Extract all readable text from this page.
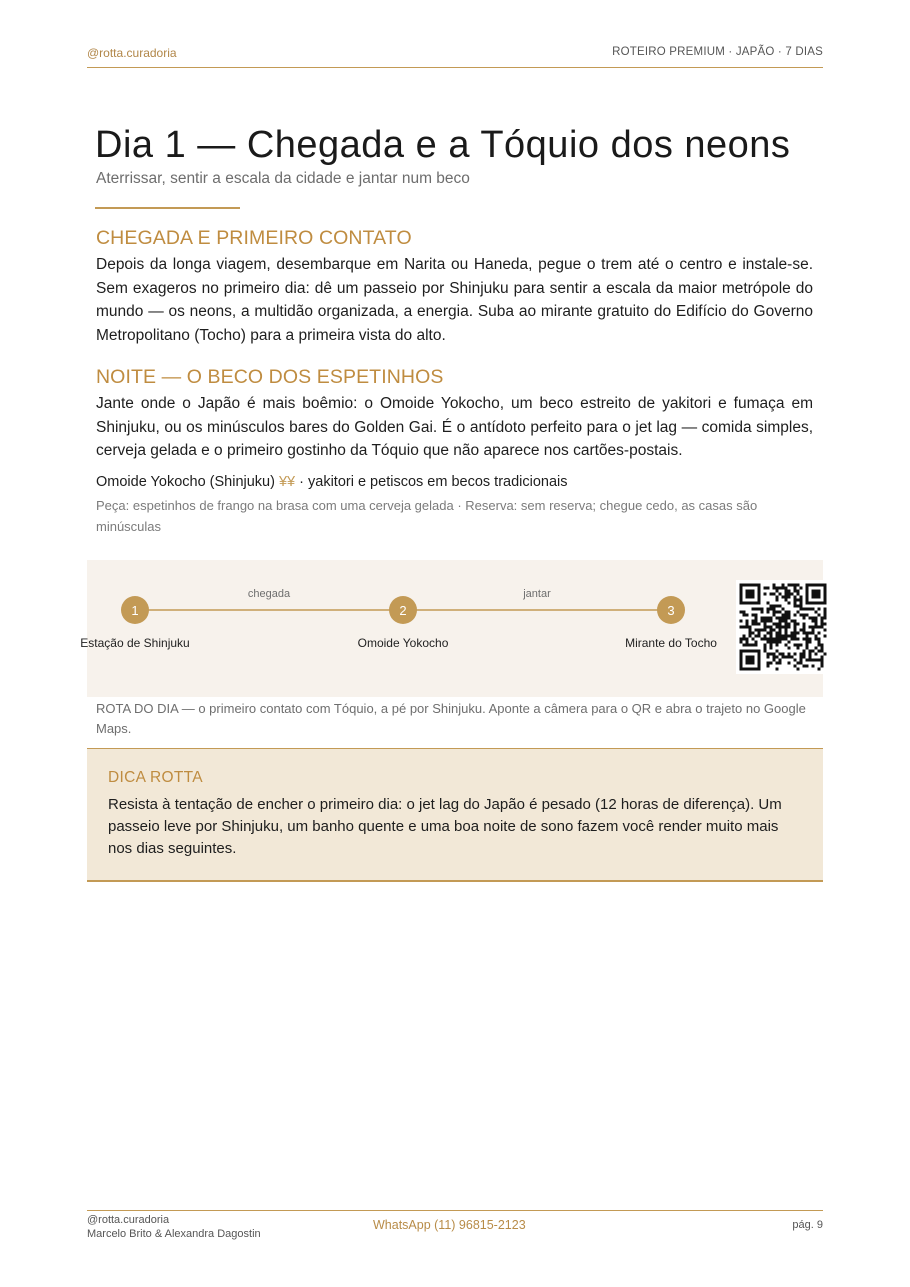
@rotta.curadoria	ROTEIRO PREMIUM · JAPÃO · 7 DIAS
Dia 1 — Chegada e a Tóquio dos neons
Aterrissar, sentir a escala da cidade e jantar num beco
CHEGADA E PRIMEIRO CONTATO

Depois da longa viagem, desembarque em Narita ou Haneda, pegue o trem até o centro e instale-se. Sem exageros no primeiro dia: dê um passeio por Shinjuku para sentir a escala da maior metrópole do mundo — os neons, a multidão organizada, a energia. Suba ao mirante gratuito do Edifício do Governo Metropolitano (Tocho) para a primeira vista do alto.

NOITE — O BECO DOS ESPETINHOS

Jante onde o Japão é mais boêmio: o Omoide Yokocho, um beco estreito de yakitori e fumaça em Shinjuku, ou os minúsculos bares do Golden Gai. É o antídoto perfeito para o jet lag — comida simples, cerveja gelada e o primeiro gostinho da Tóquio que não aparece nos cartões-postais.

Omoide Yokocho (Shinjuku) ¥¥ · yakitori e petiscos em becos tradicionais
Peça: espetinhos de frango na brasa com uma cerveja gelada · Reserva: sem reserva; chegue cedo, as casas são minúsculas
1	2	3
chegada	jantar
Estação de Shinjuku	Omoide Yokocho	Mirante do Tocho
ROTA DO DIA — o primeiro contato com Tóquio, a pé por Shinjuku. Aponte a câmera para o QR e abra o trajeto no Google Maps.
DICA ROTTA
Resista à tentação de encher o primeiro dia: o jet lag do Japão é pesado (12 horas de diferença). Um passeio leve por Shinjuku, um banho quente e uma boa noite de sono fazem você render muito mais nos dias seguintes.
@rotta.curadoria
Marcelo Brito & Alexandra Dagostin
WhatsApp (11) 96815-2123	pág. 9
